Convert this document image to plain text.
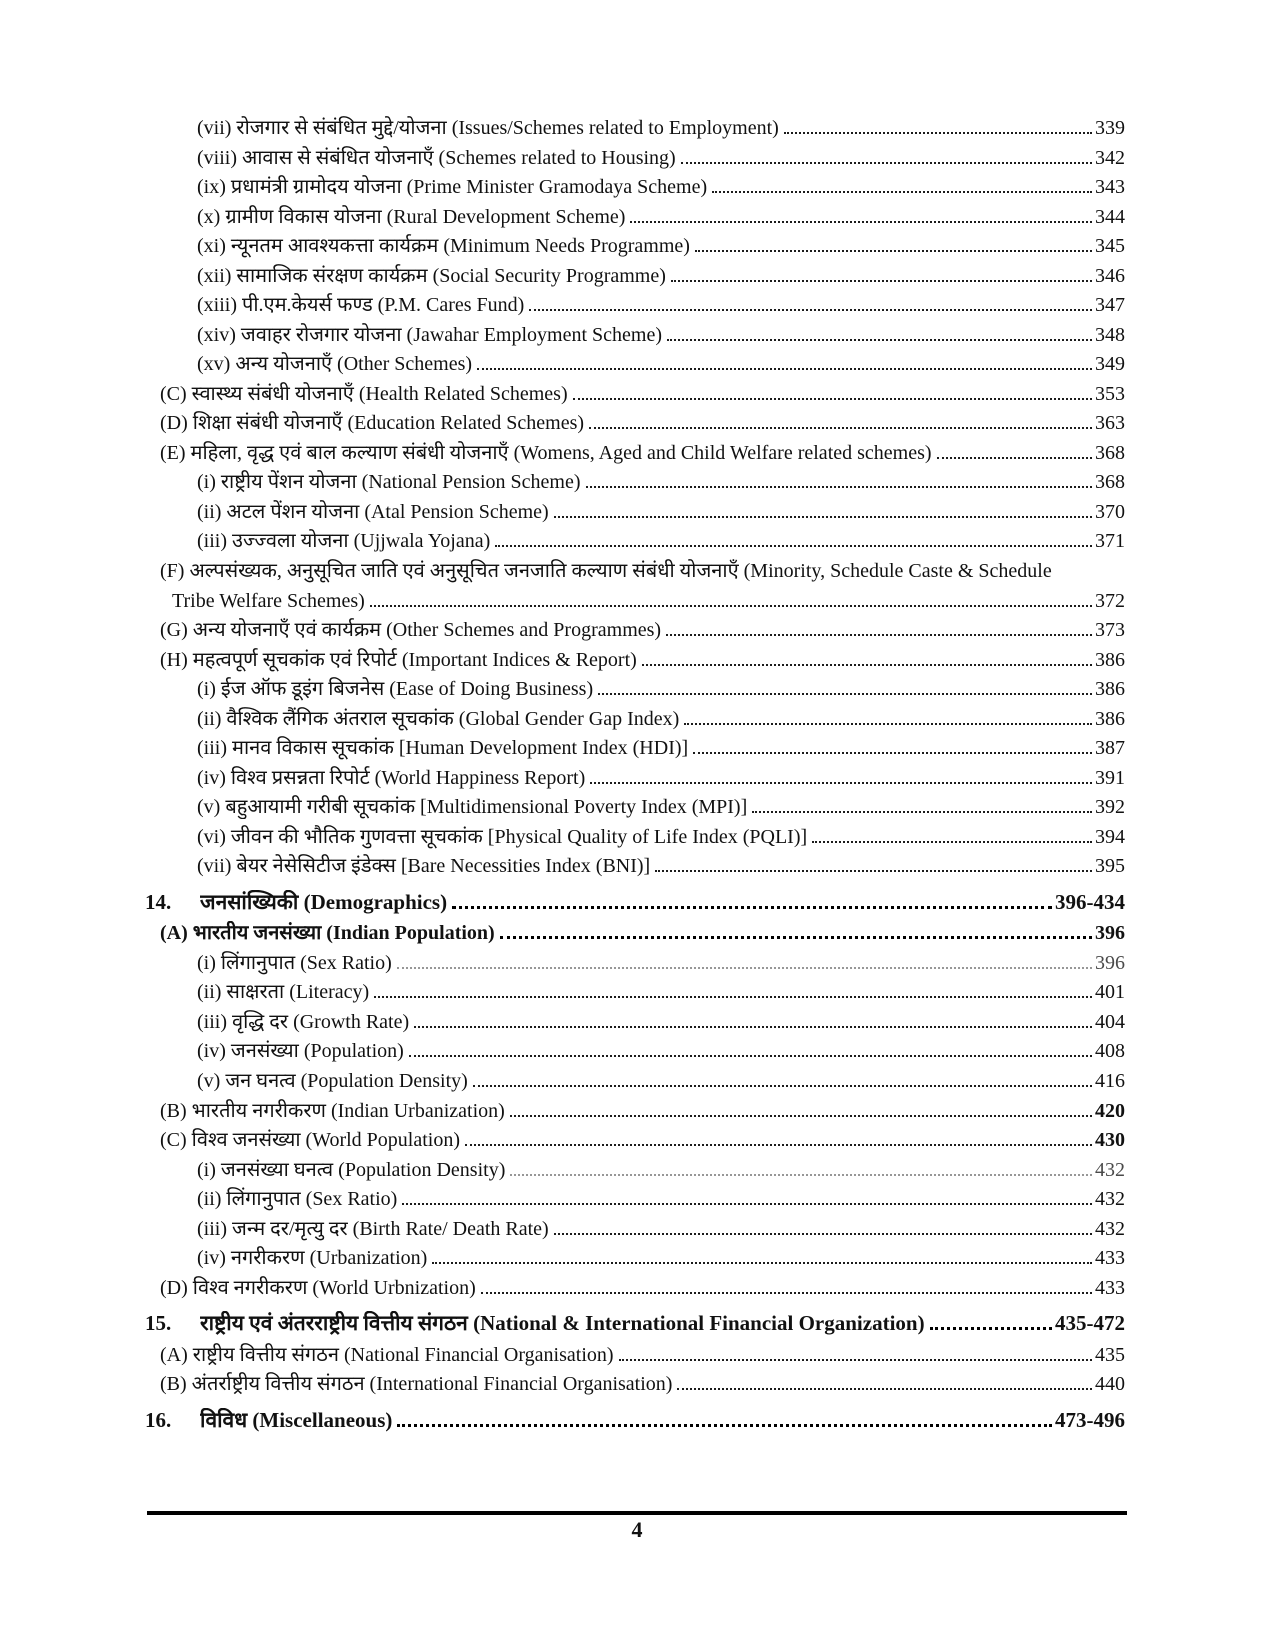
(vii) रोजगार से संबंधित मुद्दे/योजना (Issues/Schemes related to Employment)	339
(viii) आवास से संबंधित योजनाएँ (Schemes related to Housing)	342
(ix) प्रधामंत्री ग्रामोदय योजना (Prime Minister Gramodaya Scheme)	343
(x) ग्रामीण विकास योजना (Rural Development Scheme)	344
(xi) न्यूनतम आवश्यकत्ता कार्यक्रम (Minimum Needs Programme)	345
(xii) सामाजिक संरक्षण कार्यक्रम (Social Security Programme)	346
(xiii) पी.एम.केयर्स फण्ड (P.M. Cares Fund)	347
(xiv) जवाहर रोजगार योजना (Jawahar Employment Scheme)	348
(xv) अन्य योजनाएँ (Other Schemes)	349
(C) स्वास्थ्य संबंधी योजनाएँ (Health Related Schemes)	353
(D) शिक्षा संबंधी योजनाएँ (Education Related Schemes)	363
(E) महिला, वृद्ध एवं बाल कल्याण संबंधी योजनाएँ (Womens, Aged and Child Welfare related schemes)	368
(i) राष्ट्रीय पेंशन योजना (National Pension Scheme)	368
(ii) अटल पेंशन योजना (Atal Pension Scheme)	370
(iii) उज्ज्वला योजना (Ujjwala Yojana)	371
(F) अल्पसंख्यक, अनुसूचित जाति एवं अनुसूचित जनजाति कल्याण संबंधी योजनाएँ (Minority, Schedule Caste & Schedule
Tribe Welfare Schemes)	372
(G) अन्य योजनाएँ एवं कार्यक्रम (Other Schemes and Programmes)	373
(H) महत्वपूर्ण सूचकांक एवं रिपोर्ट (Important Indices & Report)	386
(i) ईज ऑफ डूइंग बिजनेस (Ease of Doing Business)	386
(ii) वैश्विक लैंगिक अंतराल सूचकांक (Global Gender Gap Index)	386
(iii) मानव विकास सूचकांक [Human Development Index (HDI)]	387
(iv) विश्व प्रसन्नता रिपोर्ट (World Happiness Report)	391
(v) बहुआयामी गरीबी सूचकांक [Multidimensional Poverty Index (MPI)]	392
(vi) जीवन की भौतिक गुणवत्ता सूचकांक [Physical Quality of Life Index (PQLI)]	394
(vii) बेयर नेसेसिटीज इंडेक्स [Bare Necessities Index (BNI)]	395
14.	जनसांख्यिकी (Demographics)	396-434
(A) भारतीय जनसंख्या (Indian Population)	396
(i) लिंगानुपात (Sex Ratio)	396
(ii) साक्षरता (Literacy)	401
(iii) वृद्धि दर (Growth Rate)	404
(iv) जनसंख्या (Population)	408
(v) जन घनत्व (Population Density)	416
(B) भारतीय नगरीकरण (Indian Urbanization)	420
(C) विश्व जनसंख्या (World Population)	430
(i) जनसंख्या घनत्व (Population Density)	432
(ii) लिंगानुपात (Sex Ratio)	432
(iii) जन्म दर/मृत्यु दर (Birth Rate/ Death Rate)	432
(iv) नगरीकरण (Urbanization)	433
(D) विश्व नगरीकरण (World Urbnization)	433
15.	राष्ट्रीय एवं अंतरराष्ट्रीय वित्तीय संगठन (National & International Financial Organization)	435-472
(A) राष्ट्रीय वित्तीय संगठन (National Financial Organisation)	435
(B) अंतर्राष्ट्रीय वित्तीय संगठन (International Financial Organisation)	440
16.	विविध (Miscellaneous)	473-496
4
